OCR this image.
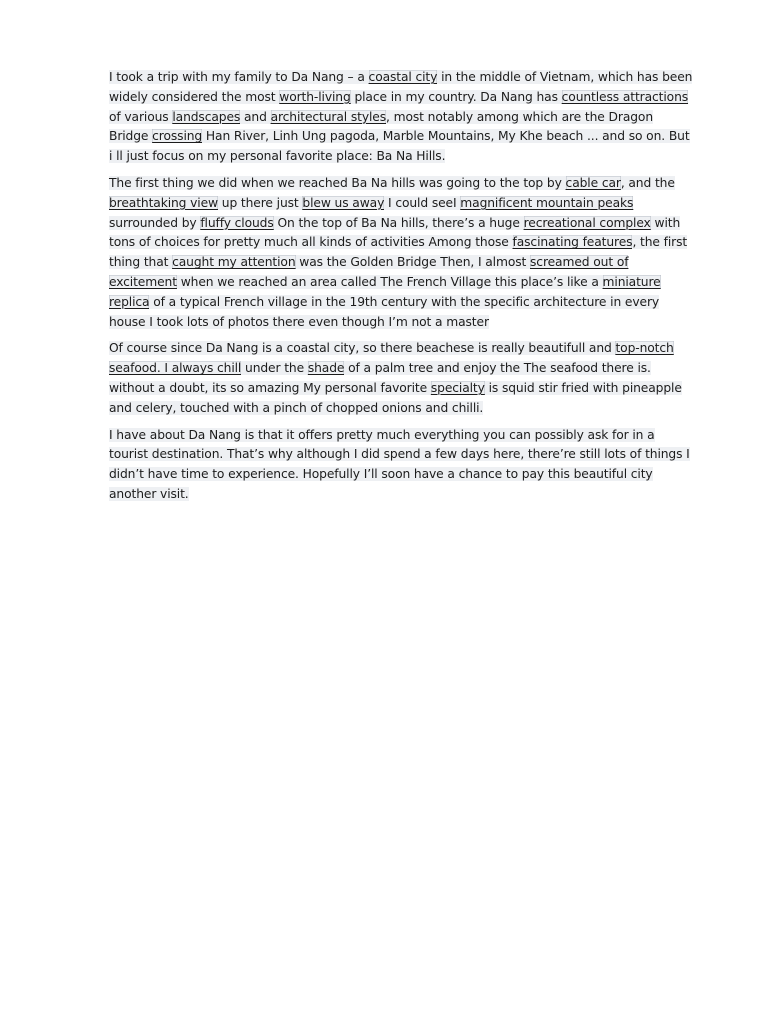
I took a trip with my family to Da Nang – a coastal city in the middle of Vietnam, which has been widely considered the most worth-living place in my country. Da Nang has countless attractions of various landscapes and architectural styles, most notably among which are the Dragon Bridge crossing Han River, Linh Ung pagoda, Marble Mountains, My Khe beach ... and so on. But i ll just focus on my personal favorite place: Ba Na Hills.

The first thing we did when we reached Ba Na hills was going to the top by cable car, and the breathtaking view up there just blew us away I could seeI magnificent mountain peaks surrounded by fluffy clouds On the top of Ba Na hills, there’s a huge recreational complex with tons of choices for pretty much all kinds of activities Among those fascinating features, the first thing that caught my attention was the Golden Bridge Then, I almost screamed out of excitement when we reached an area called The French Village this place’s like a miniature replica of a typical French village in the 19th century with the specific architecture in every house I took lots of photos there even though I’m not a master

Of course since Da Nang is a coastal city, so there beachese is really beautifull and top-notch seafood. I always chill under the shade of a palm tree and enjoy the The seafood there is. without a doubt, its so amazing My personal favorite specialty is squid stir fried with pineapple and celery, touched with a pinch of chopped onions and chilli.

I have about Da Nang is that it offers pretty much everything you can possibly ask for in a tourist destination. That’s why although I did spend a few days here, there’re still lots of things I didn’t have time to experience. Hopefully I’ll soon have a chance to pay this beautiful city another visit.
